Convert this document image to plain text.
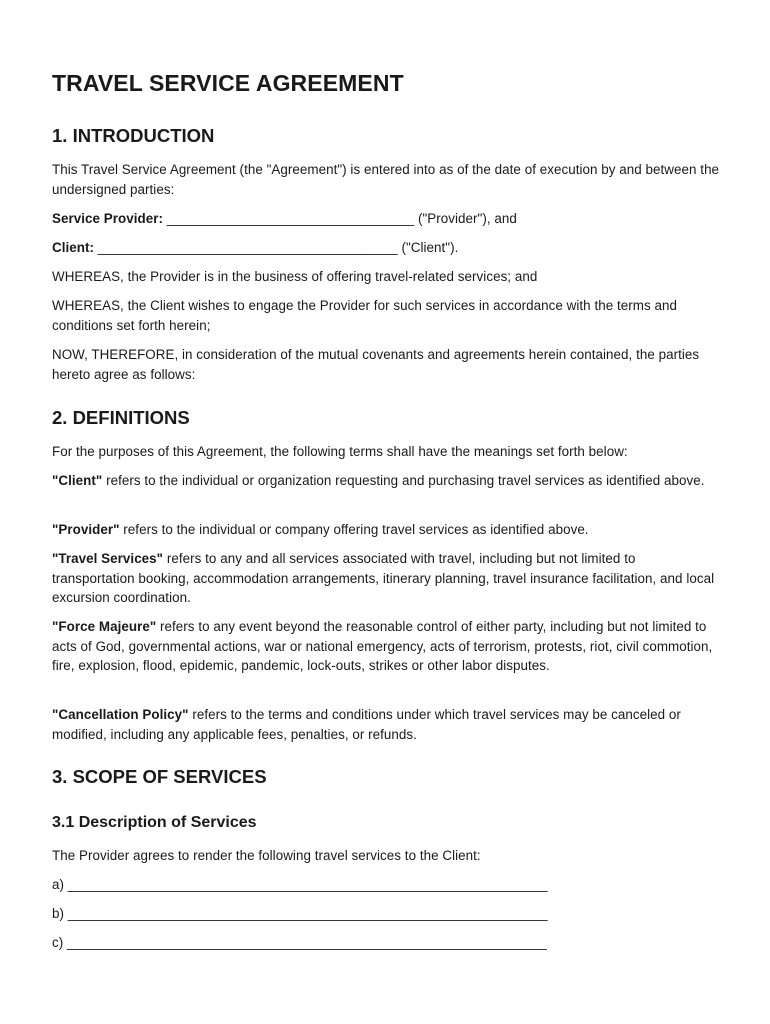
TRAVEL SERVICE AGREEMENT
1. INTRODUCTION

This Travel Service Agreement (the "Agreement") is entered into as of the date of execution by and between the undersigned parties:

Service Provider: _________________________________ ("Provider"), and

Client: ________________________________________ ("Client").

WHEREAS, the Provider is in the business of offering travel-related services; and

WHEREAS, the Client wishes to engage the Provider for such services in accordance with the terms and conditions set forth herein;

NOW, THEREFORE, in consideration of the mutual covenants and agreements herein contained, the parties hereto agree as follows:

2. DEFINITIONS

For the purposes of this Agreement, the following terms shall have the meanings set forth below:

"Client" refers to the individual or organization requesting and purchasing travel services as identified above.

"Provider" refers to the individual or company offering travel services as identified above.

"Travel Services" refers to any and all services associated with travel, including but not limited to transportation booking, accommodation arrangements, itinerary planning, travel insurance facilitation, and local excursion coordination.

"Force Majeure" refers to any event beyond the reasonable control of either party, including but not limited to acts of God, governmental actions, war or national emergency, acts of terrorism, protests, riot, civil commotion, fire, explosion, flood, epidemic, pandemic, lock-outs, strikes or other labor disputes.

"Cancellation Policy" refers to the terms and conditions under which travel services may be canceled or modified, including any applicable fees, penalties, or refunds.

3. SCOPE OF SERVICES
3.1 Description of Services

The Provider agrees to render the following travel services to the Client:

a) ________________________________________________________________

b) ________________________________________________________________

c) ________________________________________________________________
